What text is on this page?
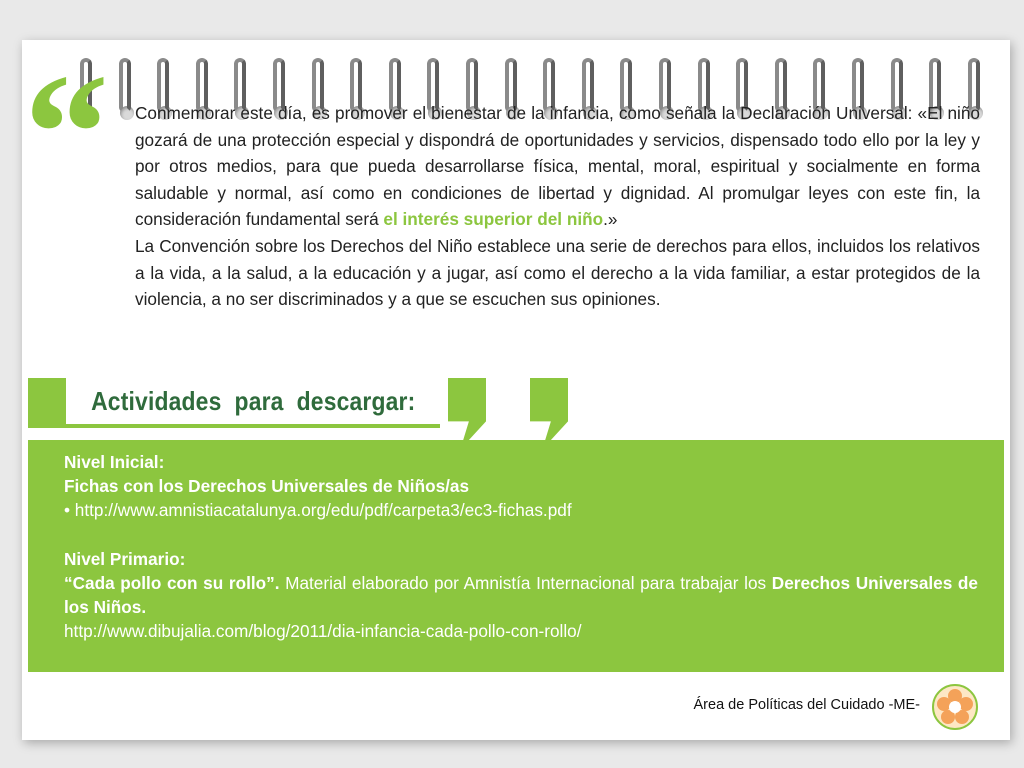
“ Conmemorar este día, es promover el bienestar de la infancia, como señala la Declaración Universal: «El niño gozará de una protección especial y dispondrá de oportunidades y servicios, dispensado todo ello por la ley y por otros medios, para que pueda desarrollarse física, mental, moral, espiritual y socialmente en forma saludable y normal, así como en condiciones de libertad y dignidad. Al promulgar leyes con este fin, la consideración fundamental será el interés superior del niño.»

La Convención sobre los Derechos del Niño establece una serie de derechos para ellos, incluidos los relativos a la vida, a la salud, a la educación y a jugar, así como el derecho a la vida familiar, a estar protegidos de la violencia, a no ser discriminados y a que se escuchen sus opiniones.

Actividades  para  descargar:
Nivel Inicial:
Fichas con los Derechos Universales de Niños/as
• http://www.amnistiacatalunya.org/edu/pdf/carpeta3/ec3-fichas.pdf
Nivel Primario:
“Cada pollo con su rollo”. Material elaborado por Amnistía Internacional para trabajar los Derechos Universales de los Niños.
http://www.dibujalia.com/blog/2011/dia-infancia-cada-pollo-con-rollo/
Área de Políticas del Cuidado -ME-
